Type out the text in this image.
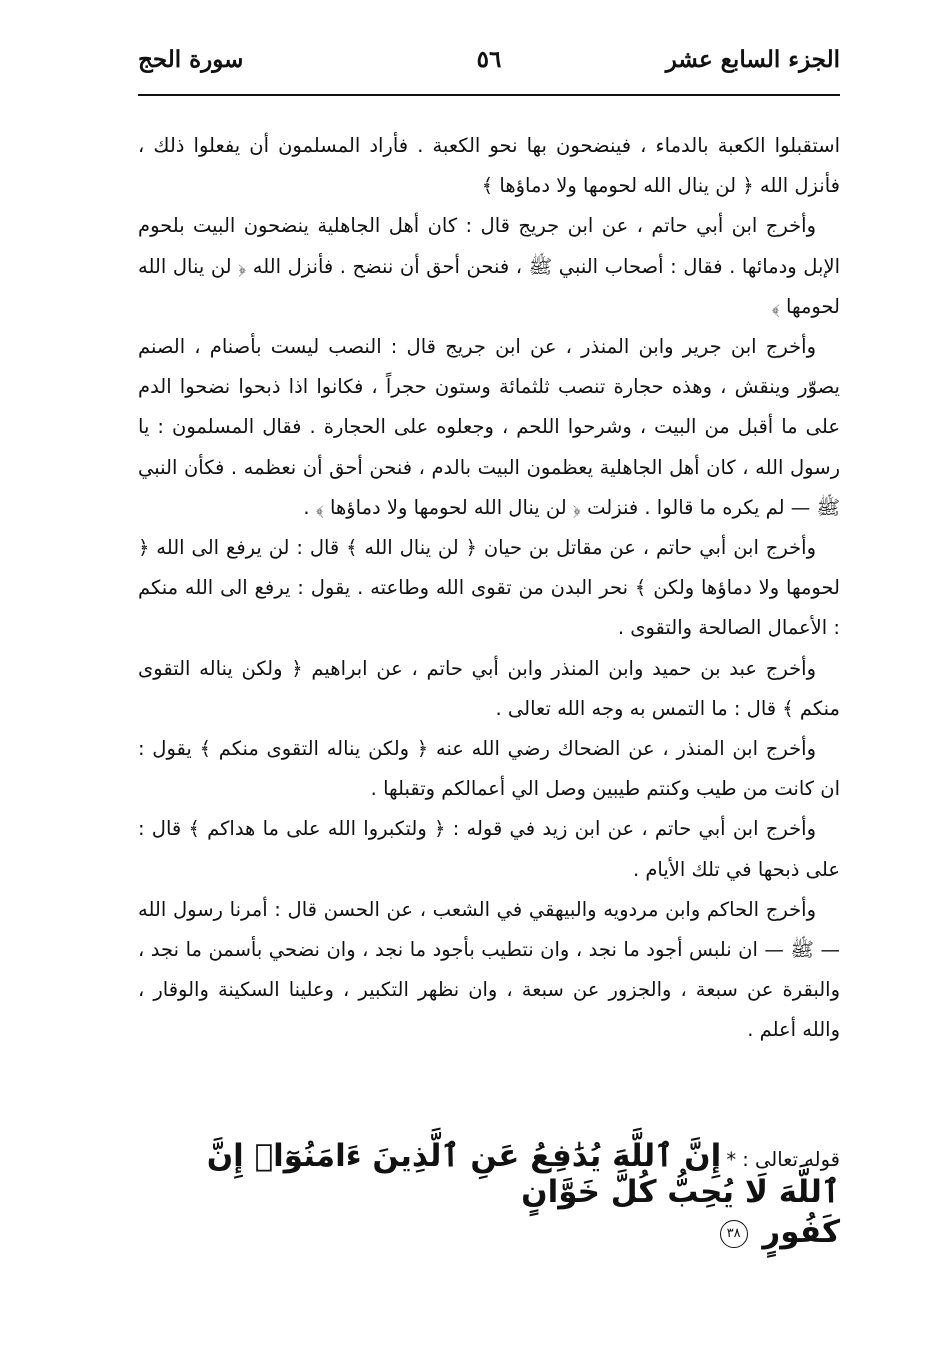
الجزء السابع عشر
٥٦
سورة الحج

استقبلوا الكعبة بالدماء ، فينضحون بها نحو الكعبة . فأراد المسلمون أن يفعلوا ذلك ، فأنزل الله ﴿ لن ينال الله لحومها ولا دماؤها ﴾

وأخرج ابن أبي حاتم ، عن ابن جريج قال : كان أهل الجاهلية ينضحون البيت بلحوم الإبل ودمائها . فقال : أصحاب النبي ﷺ ، فنحن أحق أن ننضح . فأنزل الله ﴿ لن ينال الله لحومها ﴾

وأخرج ابن جرير وابن المنذر ، عن ابن جريج قال : النصب ليست بأصنام ، الصنم يصوّر وينقش ، وهذه حجارة تنصب ثلثمائة وستون حجراً ، فكانوا اذا ذبحوا نضحوا الدم على ما أقبل من البيت ، وشرحوا اللحم ، وجعلوه على الحجارة . فقال المسلمون : يا رسول الله ، كان أهل الجاهلية يعظمون البيت بالدم ، فنحن أحق أن نعظمه . فكأن النبي ﷺ — لم يكره ما قالوا . فنزلت ﴿ لن ينال الله لحومها ولا دماؤها ﴾ .

وأخرج ابن أبي حاتم ، عن مقاتل بن حيان ﴿ لن ينال الله ﴾ قال : لن يرفع الى الله ﴿ لحومها ولا دماؤها ولكن ﴾ نحر البدن من تقوى الله وطاعته . يقول : يرفع الى الله منكم : الأعمال الصالحة والتقوى .

وأخرج عبد بن حميد وابن المنذر وابن أبي حاتم ، عن ابراهيم ﴿ ولكن يناله التقوى منكم ﴾ قال : ما التمس به وجه الله تعالى .

وأخرج ابن المنذر ، عن الضحاك رضي الله عنه ﴿ ولكن يناله التقوى منكم ﴾ يقول : ان كانت من طيب وكنتم طيبين وصل الي أعمالكم وتقبلها .

وأخرج ابن أبي حاتم ، عن ابن زيد في قوله : ﴿ ولتكبروا الله على ما هداكم ﴾ قال : على ذبحها في تلك الأيام .

وأخرج الحاكم وابن مردويه والبيهقي في الشعب ، عن الحسن قال : أمرنا رسول الله — ﷺ — ان نلبس أجود ما نجد ، وان نتطيب بأجود ما نجد ، وان نضحي بأسمن ما نجد ، والبقرة عن سبعة ، والجزور عن سبعة ، وان نظهر التكبير ، وعلينا السكينة والوقار ، والله أعلم .

قوله تعالى : * إِنَّ ٱللَّهَ يُدَٰفِعُ عَنِ ٱلَّذِينَ ءَامَنُوٓا۟ إِنَّ ٱللَّهَ لَا يُحِبُّ كُلَّ خَوَّانٍ
كَفُورٍ ٣٨
